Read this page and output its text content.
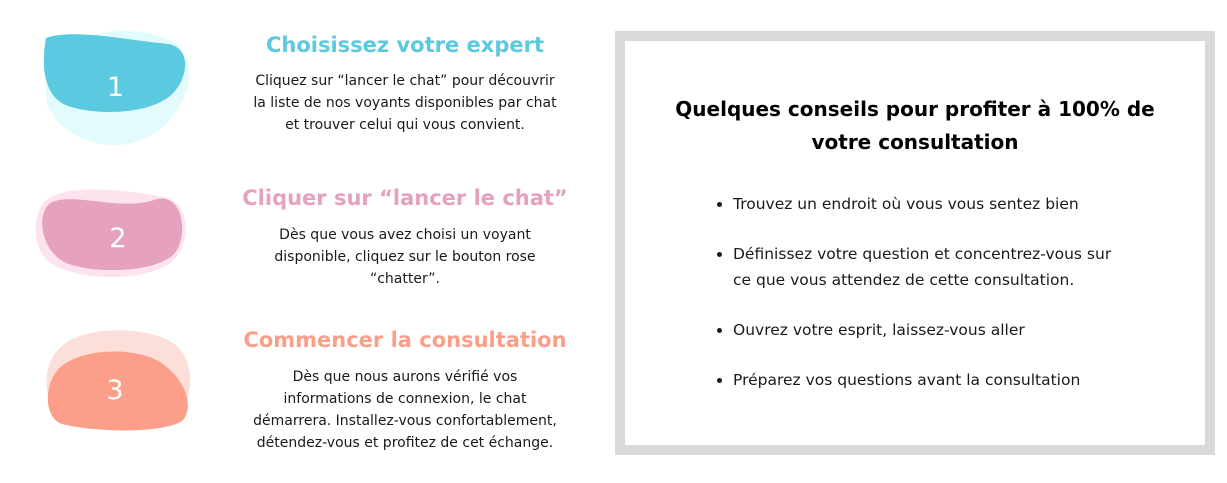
1
Choisissez votre expert

Cliquez sur “lancer le chat” pour découvrir
la liste de nos voyants disponibles par chat
et trouver celui qui vous convient.

2
Cliquer sur “lancer le chat”

Dès que vous avez choisi un voyant
disponible, cliquez sur le bouton rose
“chatter”.

3
Commencer la consultation

Dès que nous aurons vérifié vos
informations de connexion, le chat
démarrera. Installez-vous confortablement,
détendez-vous et profitez de cet échange.

Quelques conseils pour profiter à 100% de
votre consultation
• Trouvez un endroit où vous vous sentez bien
• Définissez votre question et concentrez-vous sur
ce que vous attendez de cette consultation.
• Ouvrez votre esprit, laissez-vous aller
• Préparez vos questions avant la consultation
